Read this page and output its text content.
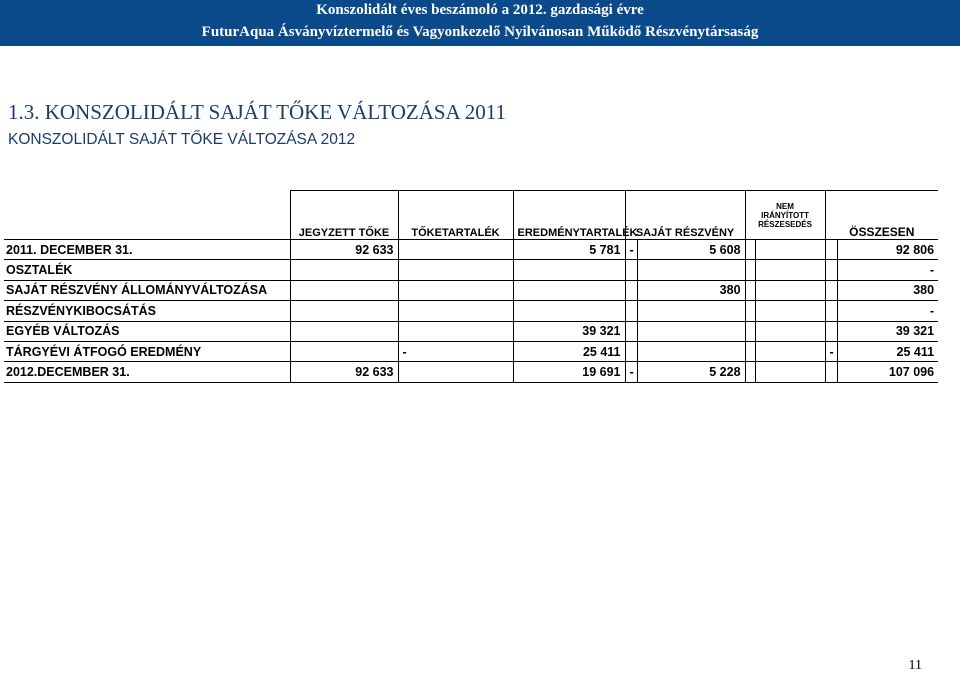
Konszolidált éves beszámoló a 2012. gazdasági évre
FuturAqua Ásványvíztermelő és Vagyonkezelő Nyilvánosan Működő Részvénytársaság
1.3. KONSZOLIDÁLT SAJÁT TŐKE VÁLTOZÁSA 2011
KONSZOLIDÁLT SAJÁT TŐKE VÁLTOZÁSA 2012
	JEGYZETT TŐKE	TŐKETARTALÉK	EREDMÉNYTARTALÉK	SAJÁT RÉSZVÉNY		NEM
IRÁNYÍTOTT
RÉSZESEDÉS		ÖSSZESEN	
2011. DECEMBER 31.	92 633		5 781	-	5 608				92 806
OSZTALÉK									-
SAJÁT RÉSZVÉNY ÁLLOMÁNYVÁLTOZÁSA					380				380
RÉSZVÉNYKIBOCSÁTÁS									-
EGYÉB VÁLTOZÁS			39 321						39 321
TÁRGYÉVI ÁTFOGÓ EREDMÉNY		-	25 411					-	25 411
2012.DECEMBER 31.	92 633		19 691	-	5 228				107 096
11
